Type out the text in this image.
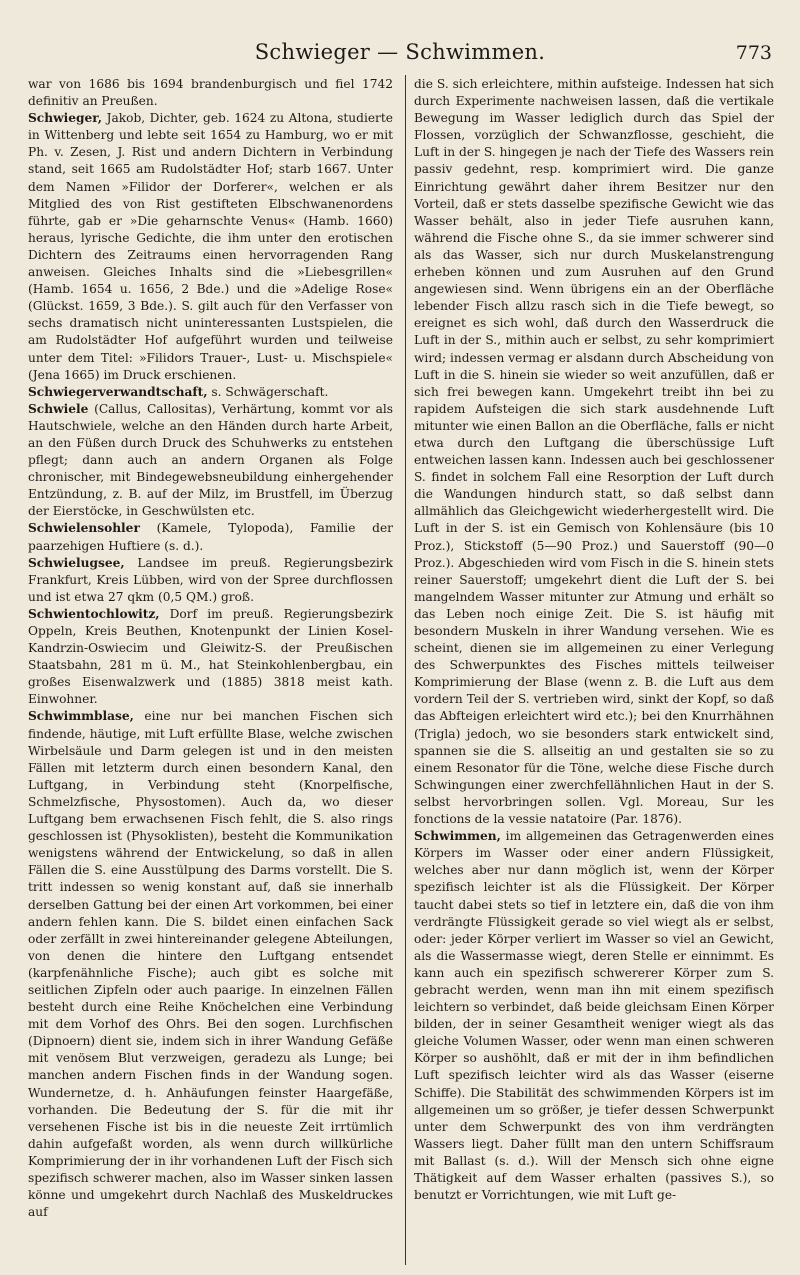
Schwieger — Schwimmen.	773

war von 1686 bis 1694 brandenburgisch und fiel 1742 definitiv an Preußen.

Schwieger, Jakob, Dichter, geb. 1624 zu Altona, studierte in Wittenberg und lebte seit 1654 zu Hamburg, wo er mit Ph. v. Zesen, J. Rist und andern Dichtern in Verbindung stand, seit 1665 am Rudolstädter Hof; starb 1667. Unter dem Namen »Filidor der Dorferer«, welchen er als Mitglied des von Rist gestifteten Elbschwanenordens führte, gab er »Die geharnschte Venus« (Hamb. 1660) heraus, lyrische Gedichte, die ihm unter den erotischen Dichtern des Zeitraums einen hervorragenden Rang anweisen. Gleiches Inhalts sind die »Liebesgrillen« (Hamb. 1654 u. 1656, 2 Bde.) und die »Adelige Rose« (Glückst. 1659, 3 Bde.). S. gilt auch für den Verfasser von sechs dramatisch nicht uninteressanten Lustspielen, die am Rudolstädter Hof aufgeführt wurden und teilweise unter dem Titel: »Filidors Trauer-, Lust- u. Mischspiele« (Jena 1665) im Druck erschienen.

Schwiegerverwandtschaft, s. Schwägerschaft.

Schwiele (Callus, Callositas), Verhärtung, kommt vor als Hautschwiele, welche an den Händen durch harte Arbeit, an den Füßen durch Druck des Schuhwerks zu entstehen pflegt; dann auch an andern Organen als Folge chronischer, mit Bindegewebsneubildung einhergehender Entzündung, z. B. auf der Milz, im Brustfell, im Überzug der Eierstöcke, in Geschwülsten etc.

Schwielensohler (Kamele, Tylopoda), Familie der paarzehigen Huftiere (s. d.).

Schwielugsee, Landsee im preuß. Regierungsbezirk Frankfurt, Kreis Lübben, wird von der Spree durchflossen und ist etwa 27 qkm (0,5 QM.) groß.

Schwientochlowitz, Dorf im preuß. Regierungsbezirk Oppeln, Kreis Beuthen, Knotenpunkt der Linien Kosel-Kandrzin-Oswiecim und Gleiwitz-S. der Preußischen Staatsbahn, 281 m ü. M., hat Steinkohlenbergbau, ein großes Eisenwalzwerk und (1885) 3818 meist kath. Einwohner.

Schwimmblase, eine nur bei manchen Fischen sich findende, häutige, mit Luft erfüllte Blase, welche zwischen Wirbelsäule und Darm gelegen ist und in den meisten Fällen mit letzterm durch einen besondern Kanal, den Luftgang, in Verbindung steht (Knorpelfische, Schmelzfische, Physostomen). Auch da, wo dieser Luftgang bem erwachsenen Fisch fehlt, die S. also rings geschlossen ist (Physoklisten), besteht die Kommunikation wenigstens während der Entwickelung, so daß in allen Fällen die S. eine Ausstülpung des Darms vorstellt. Die S. tritt indessen so wenig konstant auf, daß sie innerhalb derselben Gattung bei der einen Art vorkommen, bei einer andern fehlen kann. Die S. bildet einen einfachen Sack oder zerfällt in zwei hintereinander gelegene Abteilungen, von denen die hintere den Luftgang entsendet (karpfenähnliche Fische); auch gibt es solche mit seitlichen Zipfeln oder auch paarige. In einzelnen Fällen besteht durch eine Reihe Knöchelchen eine Verbindung mit dem Vorhof des Ohrs. Bei den sogen. Lurchfischen (Dipnoern) dient sie, indem sich in ihrer Wandung Gefäße mit venösem Blut verzweigen, geradezu als Lunge; bei manchen andern Fischen finds in der Wandung sogen. Wundernetze, d. h. Anhäufungen feinster Haargefäße, vorhanden. Die Bedeutung der S. für die mit ihr versehenen Fische ist bis in die neueste Zeit irrtümlich dahin aufgefaßt worden, als wenn durch willkürliche Komprimierung der in ihr vorhandenen Luft der Fisch sich spezifisch schwerer machen, also im Wasser sinken lassen könne und umgekehrt durch Nachlaß des Muskeldruckes auf

die S. sich erleichtere, mithin aufsteige. Indessen hat sich durch Experimente nachweisen lassen, daß die vertikale Bewegung im Wasser lediglich durch das Spiel der Flossen, vorzüglich der Schwanzflosse, geschieht, die Luft in der S. hingegen je nach der Tiefe des Wassers rein passiv gedehnt, resp. komprimiert wird. Die ganze Einrichtung gewährt daher ihrem Besitzer nur den Vorteil, daß er stets dasselbe spezifische Gewicht wie das Wasser behält, also in jeder Tiefe ausruhen kann, während die Fische ohne S., da sie immer schwerer sind als das Wasser, sich nur durch Muskelanstrengung erheben können und zum Ausruhen auf den Grund angewiesen sind. Wenn übrigens ein an der Oberfläche lebender Fisch allzu rasch sich in die Tiefe bewegt, so ereignet es sich wohl, daß durch den Wasserdruck die Luft in der S., mithin auch er selbst, zu sehr komprimiert wird; indessen vermag er alsdann durch Abscheidung von Luft in die S. hinein sie wieder so weit anzufüllen, daß er sich frei bewegen kann. Umgekehrt treibt ihn bei zu rapidem Aufsteigen die sich stark ausdehnende Luft mitunter wie einen Ballon an die Oberfläche, falls er nicht etwa durch den Luftgang die überschüssige Luft entweichen lassen kann. Indessen auch bei geschlossener S. findet in solchem Fall eine Resorption der Luft durch die Wandungen hindurch statt, so daß selbst dann allmählich das Gleichgewicht wiederhergestellt wird. Die Luft in der S. ist ein Gemisch von Kohlensäure (bis 10 Proz.), Stickstoff (5—90 Proz.) und Sauerstoff (90—0 Proz.). Abgeschieden wird vom Fisch in die S. hinein stets reiner Sauerstoff; umgekehrt dient die Luft der S. bei mangelndem Wasser mitunter zur Atmung und erhält so das Leben noch einige Zeit. Die S. ist häufig mit besondern Muskeln in ihrer Wandung versehen. Wie es scheint, dienen sie im allgemeinen zu einer Verlegung des Schwerpunktes des Fisches mittels teilweiser Komprimierung der Blase (wenn z. B. die Luft aus dem vordern Teil der S. vertrieben wird, sinkt der Kopf, so daß das Abfteigen erleichtert wird etc.); bei den Knurrhähnen (Trigla) jedoch, wo sie besonders stark entwickelt sind, spannen sie die S. allseitig an und gestalten sie so zu einem Resonator für die Töne, welche diese Fische durch Schwingungen einer zwerchfellähnlichen Haut in der S. selbst hervorbringen sollen. Vgl. Moreau, Sur les fonctions de la vessie natatoire (Par. 1876).

Schwimmen, im allgemeinen das Getragenwerden eines Körpers im Wasser oder einer andern Flüssigkeit, welches aber nur dann möglich ist, wenn der Körper spezifisch leichter ist als die Flüssigkeit. Der Körper taucht dabei stets so tief in letztere ein, daß die von ihm verdrängte Flüssigkeit gerade so viel wiegt als er selbst, oder: jeder Körper verliert im Wasser so viel an Gewicht, als die Wassermasse wiegt, deren Stelle er einnimmt. Es kann auch ein spezifisch schwererer Körper zum S. gebracht werden, wenn man ihn mit einem spezifisch leichtern so verbindet, daß beide gleichsam Einen Körper bilden, der in seiner Gesamtheit weniger wiegt als das gleiche Volumen Wasser, oder wenn man einen schweren Körper so aushöhlt, daß er mit der in ihm befindlichen Luft spezifisch leichter wird als das Wasser (eiserne Schiffe). Die Stabilität des schwimmenden Körpers ist im allgemeinen um so größer, je tiefer dessen Schwerpunkt unter dem Schwerpunkt des von ihm verdrängten Wassers liegt. Daher füllt man den untern Schiffsraum mit Ballast (s. d.). Will der Mensch sich ohne eigne Thätigkeit auf dem Wasser erhalten (passives S.), so benutzt er Vorrichtungen, wie mit Luft ge-
